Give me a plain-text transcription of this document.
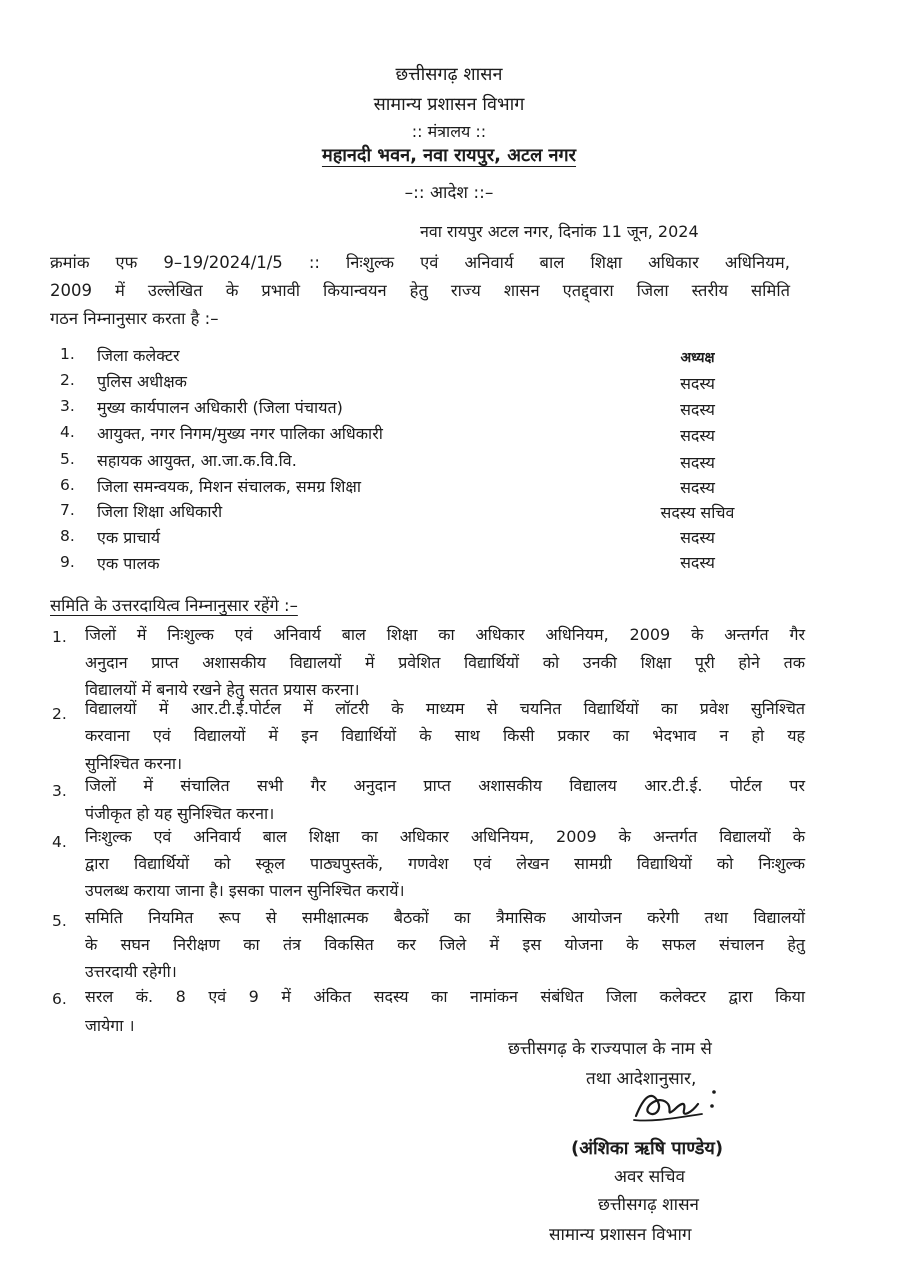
छत्तीसगढ़ शासन
सामान्य प्रशासन विभाग
:: मंत्रालय ::
महानदी भवन, नवा रायपुर, अटल नगर
–:: आदेश ::–
नवा रायपुर अटल नगर, दिनांक 11 जून, 2024
क्रमांक एफ 9–19/2024/1/5 :: निःशुल्क एवं अनिवार्य बाल शिक्षा अधिकार अधिनियम,
2009 में उल्लेखित के प्रभावी कियान्वयन हेतु राज्य शासन एतद्द्वारा जिला स्तरीय समिति
गठन निम्नानुसार करता है :–
1. जिला कलेक्टर	अध्यक्ष
2. पुलिस अधीक्षक	सदस्य
3. मुख्य कार्यपालन अधिकारी (जिला पंचायत)	सदस्य
4. आयुक्त, नगर निगम/मुख्य नगर पालिका अधिकारी	सदस्य
5. सहायक आयुक्त, आ.जा.क.वि.वि.	सदस्य
6. जिला समन्वयक, मिशन संचालक, समग्र शिक्षा	सदस्य
7. जिला शिक्षा अधिकारी	सदस्य सचिव
8. एक प्राचार्य	सदस्य
9. एक पालक	सदस्य
समिति के उत्तरदायित्व निम्नानुसार रहेंगे :–
1. जिलों में निःशुल्क एवं अनिवार्य बाल शिक्षा का अधिकार अधिनियम, 2009 के अन्तर्गत गैर
अनुदान प्राप्त अशासकीय विद्यालयों में प्रवेशित विद्यार्थियों को उनकी शिक्षा पूरी होने तक
विद्यालयों में बनाये रखने हेतु सतत प्रयास करना।
2. विद्यालयों में आर.टी.ई.पोर्टल में लॉटरी के माध्यम से चयनित विद्यार्थियों का प्रवेश सुनिश्चित
करवाना एवं विद्यालयों में इन विद्यार्थियों के साथ किसी प्रकार का भेदभाव न हो यह
सुनिश्चित करना।
3. जिलों में संचालित सभी गैर अनुदान प्राप्त अशासकीय विद्यालय आर.टी.ई. पोर्टल पर
पंजीकृत हो यह सुनिश्चित करना।
4. निःशुल्क एवं अनिवार्य बाल शिक्षा का अधिकार अधिनियम, 2009 के अन्तर्गत विद्यालयों के
द्वारा विद्यार्थियों को स्कूल पाठ्यपुस्तकें, गणवेश एवं लेखन सामग्री विद्याथियों को निःशुल्क
उपलब्ध कराया जाना है। इसका पालन सुनिश्चित करायें।
5. समिति नियमित रूप से समीक्षात्मक बैठकों का त्रैमासिक आयोजन करेगी तथा विद्यालयों
के सघन निरीक्षण का तंत्र विकसित कर जिले में इस योजना के सफल संचालन हेतु
उत्तरदायी रहेगी।
6. सरल कं. 8 एवं 9 में अंकित सदस्य का नामांकन संबंधित जिला कलेक्टर द्वारा किया
जायेगा ।
छत्तीसगढ़ के राज्यपाल के नाम से
तथा आदेशानुसार,
(अंशिका ऋषि पाण्डेय)
अवर सचिव
छत्तीसगढ़ शासन
सामान्य प्रशासन विभाग
